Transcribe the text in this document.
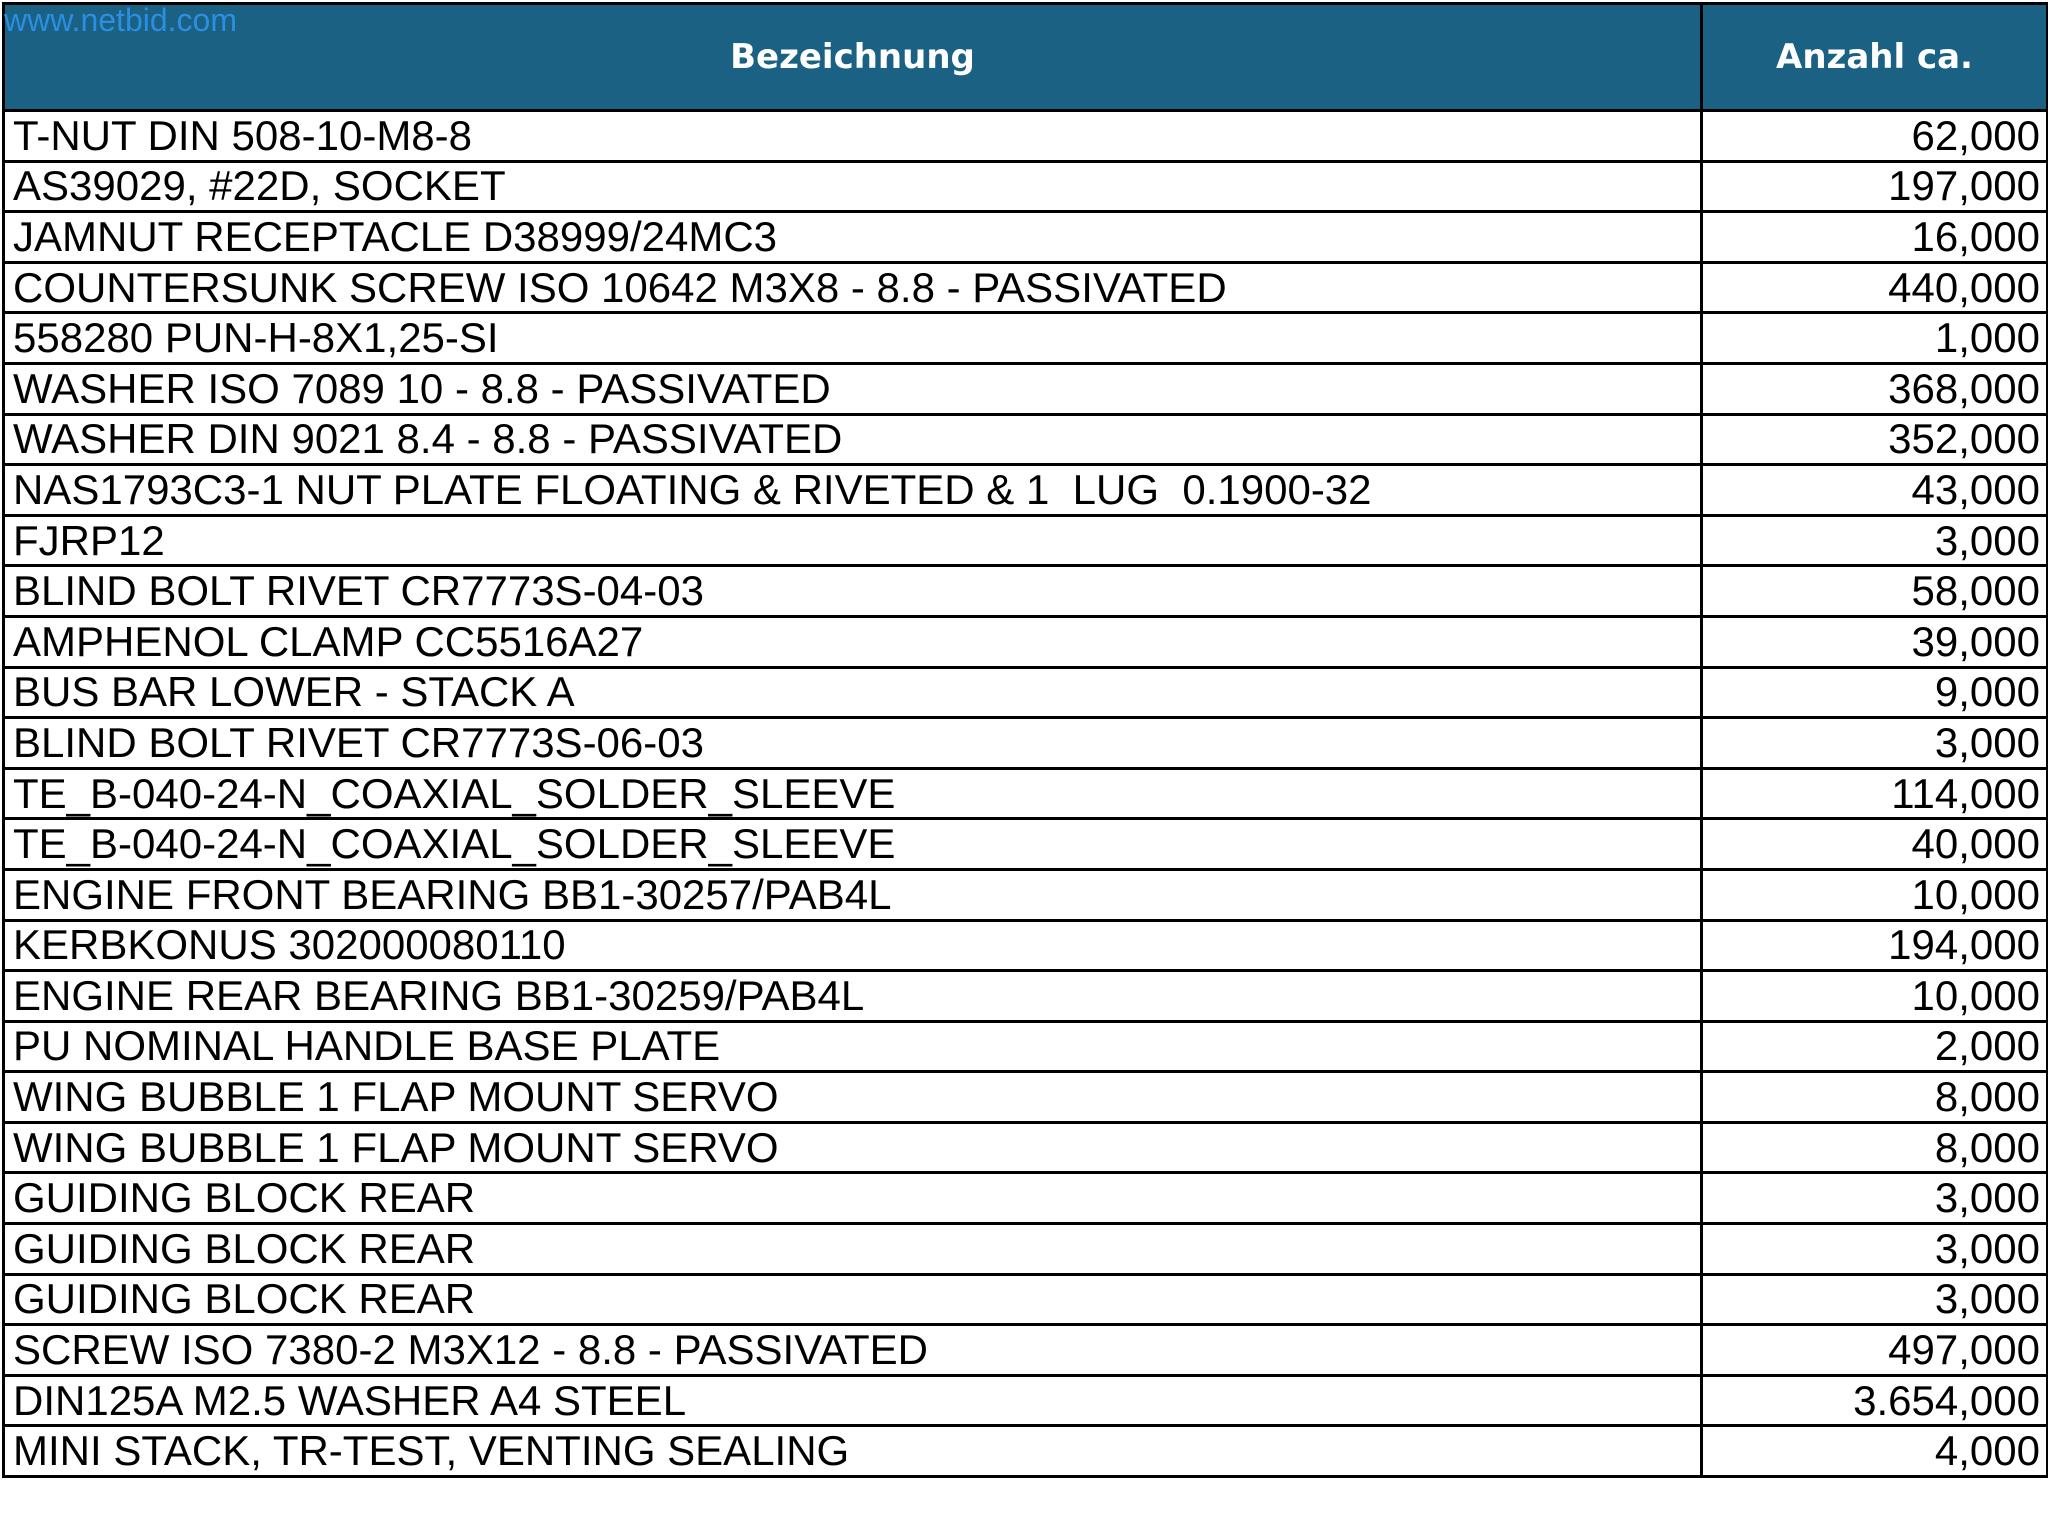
www.netbid.com
Bezeichnung	Anzahl ca.
T-NUT DIN 508-10-M8-8	62,000
AS39029, #22D, SOCKET	197,000
JAMNUT RECEPTACLE D38999/24MC3	16,000
COUNTERSUNK SCREW ISO 10642 M3X8 - 8.8 - PASSIVATED	440,000
558280 PUN-H-8X1,25-SI	1,000
WASHER ISO 7089 10 - 8.8 - PASSIVATED	368,000
WASHER DIN 9021 8.4 - 8.8 - PASSIVATED	352,000
NAS1793C3-1 NUT PLATE FLOATING & RIVETED & 1  LUG  0.1900-32	43,000
FJRP12	3,000
BLIND BOLT RIVET CR7773S-04-03	58,000
AMPHENOL CLAMP CC5516A27	39,000
BUS BAR LOWER - STACK A	9,000
BLIND BOLT RIVET CR7773S-06-03	3,000
TE_B-040-24-N_COAXIAL_SOLDER_SLEEVE	114,000
TE_B-040-24-N_COAXIAL_SOLDER_SLEEVE	40,000
ENGINE FRONT BEARING BB1-30257/PAB4L	10,000
KERBKONUS 302000080110	194,000
ENGINE REAR BEARING BB1-30259/PAB4L	10,000
PU NOMINAL HANDLE BASE PLATE	2,000
WING BUBBLE 1 FLAP MOUNT SERVO	8,000
WING BUBBLE 1 FLAP MOUNT SERVO	8,000
GUIDING BLOCK REAR	3,000
GUIDING BLOCK REAR	3,000
GUIDING BLOCK REAR	3,000
SCREW ISO 7380-2 M3X12 - 8.8 - PASSIVATED	497,000
DIN125A M2.5 WASHER A4 STEEL	3.654,000
MINI STACK, TR-TEST, VENTING SEALING	4,000
